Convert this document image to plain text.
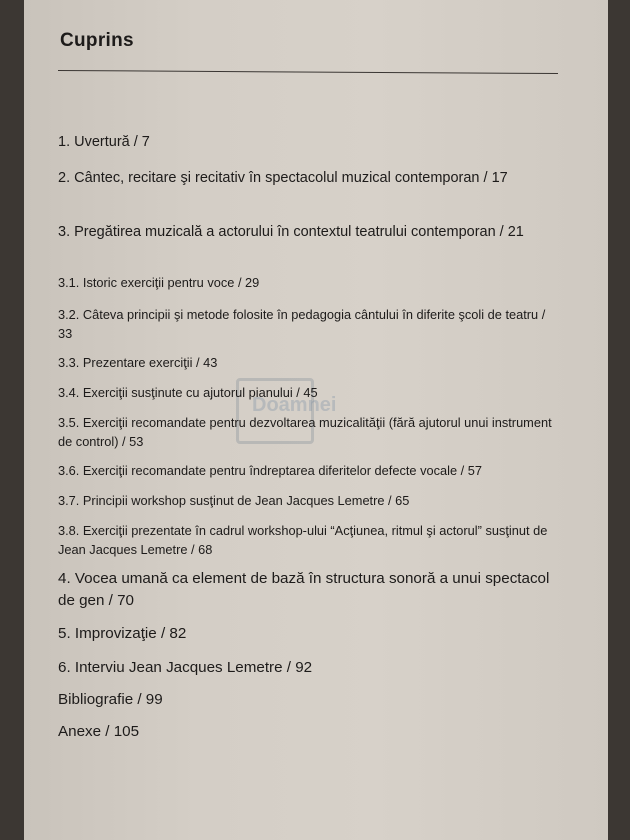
Cuprins
Doamnei

1. Uvertură / 7

2. Cântec, recitare şi recitativ în spectacolul muzical contemporan / 17

3. Pregătirea muzicală a actorului în contextul teatrului contemporan / 21

3.1. Istoric exerciţii pentru voce / 29

3.2. Câteva principii şi metode folosite în pedagogia cântului în diferite şcoli de teatru / 33

3.3. Prezentare exerciţii / 43

3.4. Exerciţii susţinute cu ajutorul pianului / 45

3.5. Exerciţii recomandate pentru dezvoltarea muzicalităţii (fără ajutorul unui instrument de control) / 53

3.6. Exerciţii recomandate pentru îndreptarea diferitelor defecte vocale / 57

3.7. Principii workshop susţinut de Jean Jacques Lemetre / 65

3.8. Exerciţii prezentate în cadrul workshop-ului “Acţiunea, ritmul şi actorul” susţinut de Jean Jacques Lemetre / 68

4. Vocea umană ca element de bază în structura sonoră a unui spectacol de gen / 70

5. Improvizaţie / 82

6. Interviu Jean Jacques Lemetre / 92

Bibliografie / 99

Anexe / 105
